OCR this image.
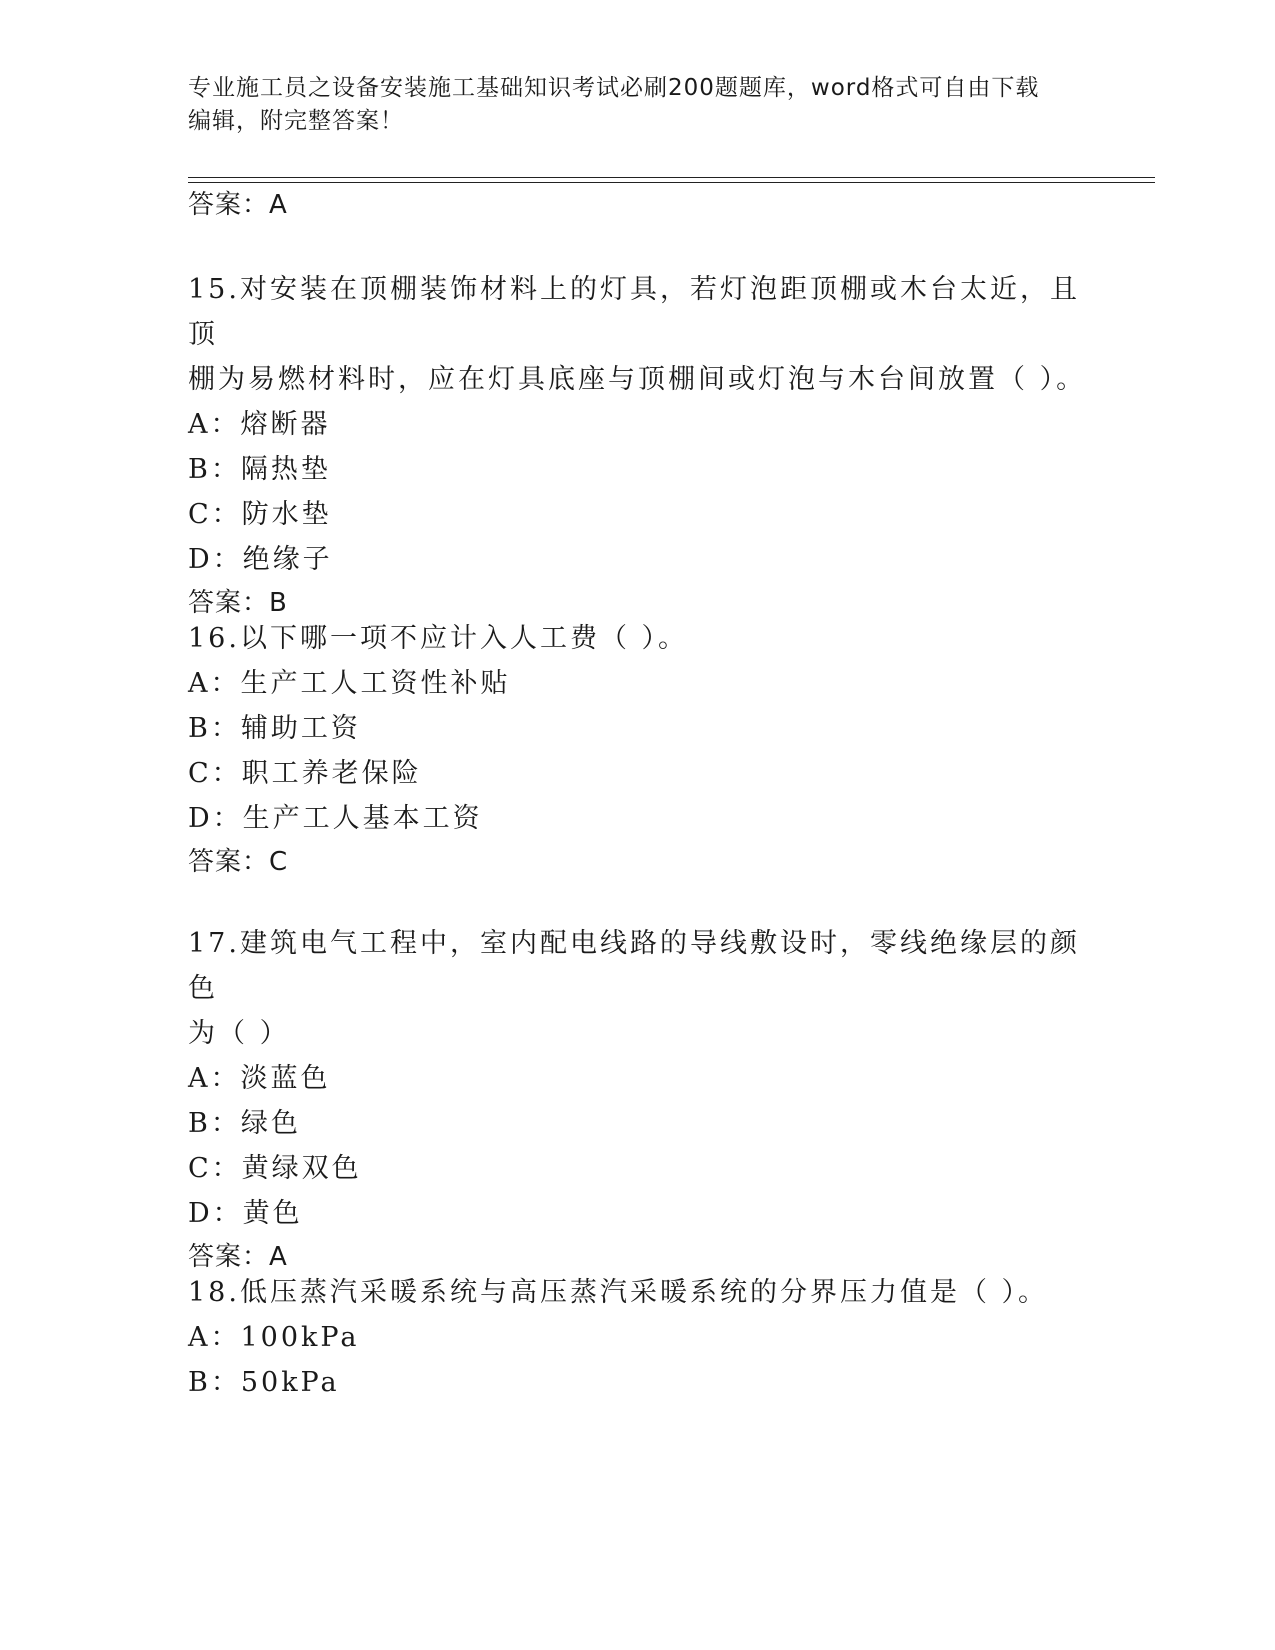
专业施工员之设备安装施工基础知识考试必刷200题题库，word格式可自由下载
编辑，附完整答案！
答案：A

15.对安装在顶棚装饰材料上的灯具，若灯泡距顶棚或木台太近，且顶

棚为易燃材料时，应在灯具底座与顶棚间或灯泡与木台间放置（ ）。

A：熔断器

B：隔热垫

C：防水垫

D：绝缘子

答案：B

16.以下哪一项不应计入人工费（ ）。

A：生产工人工资性补贴

B：辅助工资

C：职工养老保险

D：生产工人基本工资

答案：C

17.建筑电气工程中，室内配电线路的导线敷设时，零线绝缘层的颜色

为（ ）

A：淡蓝色

B：绿色

C：黄绿双色

D：黄色

答案：A

18.低压蒸汽采暖系统与高压蒸汽采暖系统的分界压力值是（ ）。

A：100kPa

B：50kPa
